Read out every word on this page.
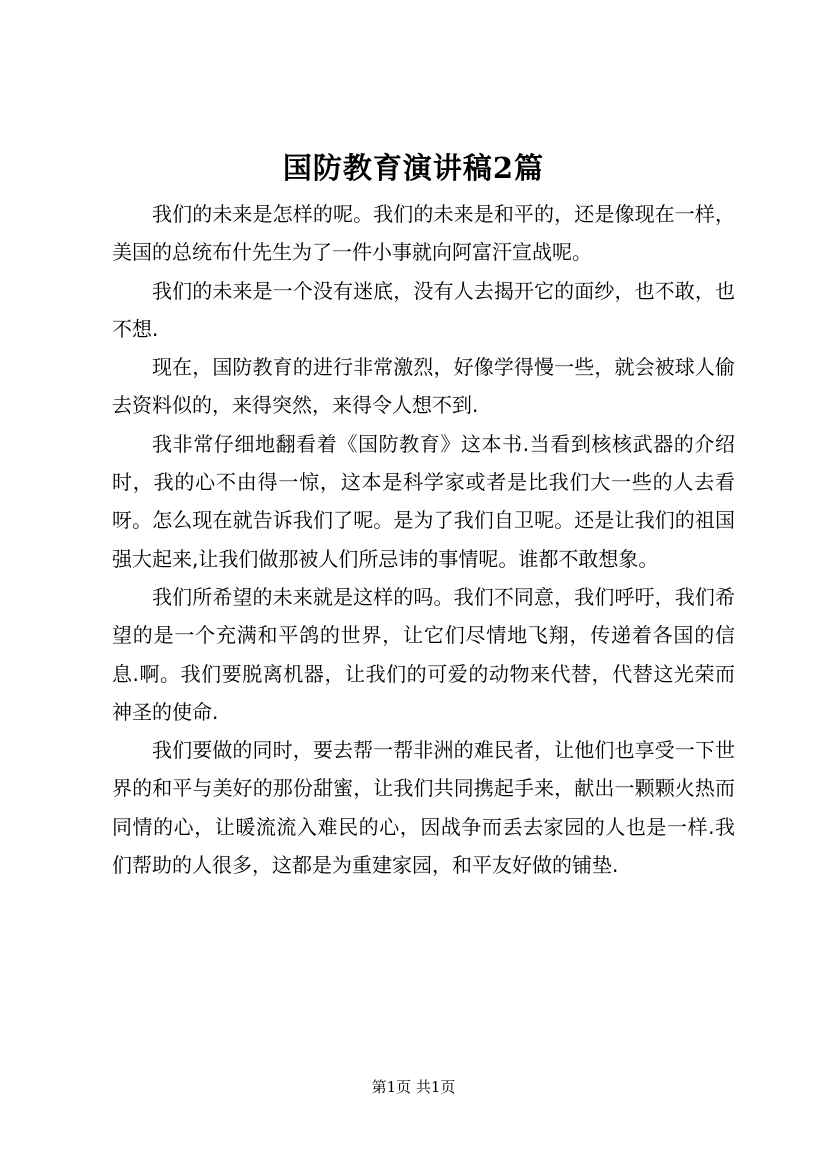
国防教育演讲稿2篇

我们的未来是怎样的呢。我们的未来是和平的，还是像现在一样，美国的总统布什先生为了一件小事就向阿富汗宣战呢。

我们的未来是一个没有迷底，没有人去揭开它的面纱，也不敢，也不想.

现在，国防教育的进行非常激烈，好像学得慢一些，就会被球人偷去资料似的，来得突然，来得令人想不到.

我非常仔细地翻看着《国防教育》这本书.当看到核核武器的介绍时，我的心不由得一惊，这本是科学家或者是比我们大一些的人去看呀。怎么现在就告诉我们了呢。是为了我们自卫呢。还是让我们的祖国强大起来,让我们做那被人们所忌讳的事情呢。谁都不敢想象。

我们所希望的未来就是这样的吗。我们不同意，我们呼吁，我们希望的是一个充满和平鸽的世界，让它们尽情地飞翔，传递着各国的信息.啊。我们要脱离机器，让我们的可爱的动物来代替，代替这光荣而神圣的使命.

我们要做的同时，要去帮一帮非洲的难民者，让他们也享受一下世界的和平与美好的那份甜蜜，让我们共同携起手来，献出一颗颗火热而同情的心，让暖流流入难民的心，因战争而丢去家园的人也是一样.我们帮助的人很多，这都是为重建家园，和平友好做的铺垫.

第1页 共1页
